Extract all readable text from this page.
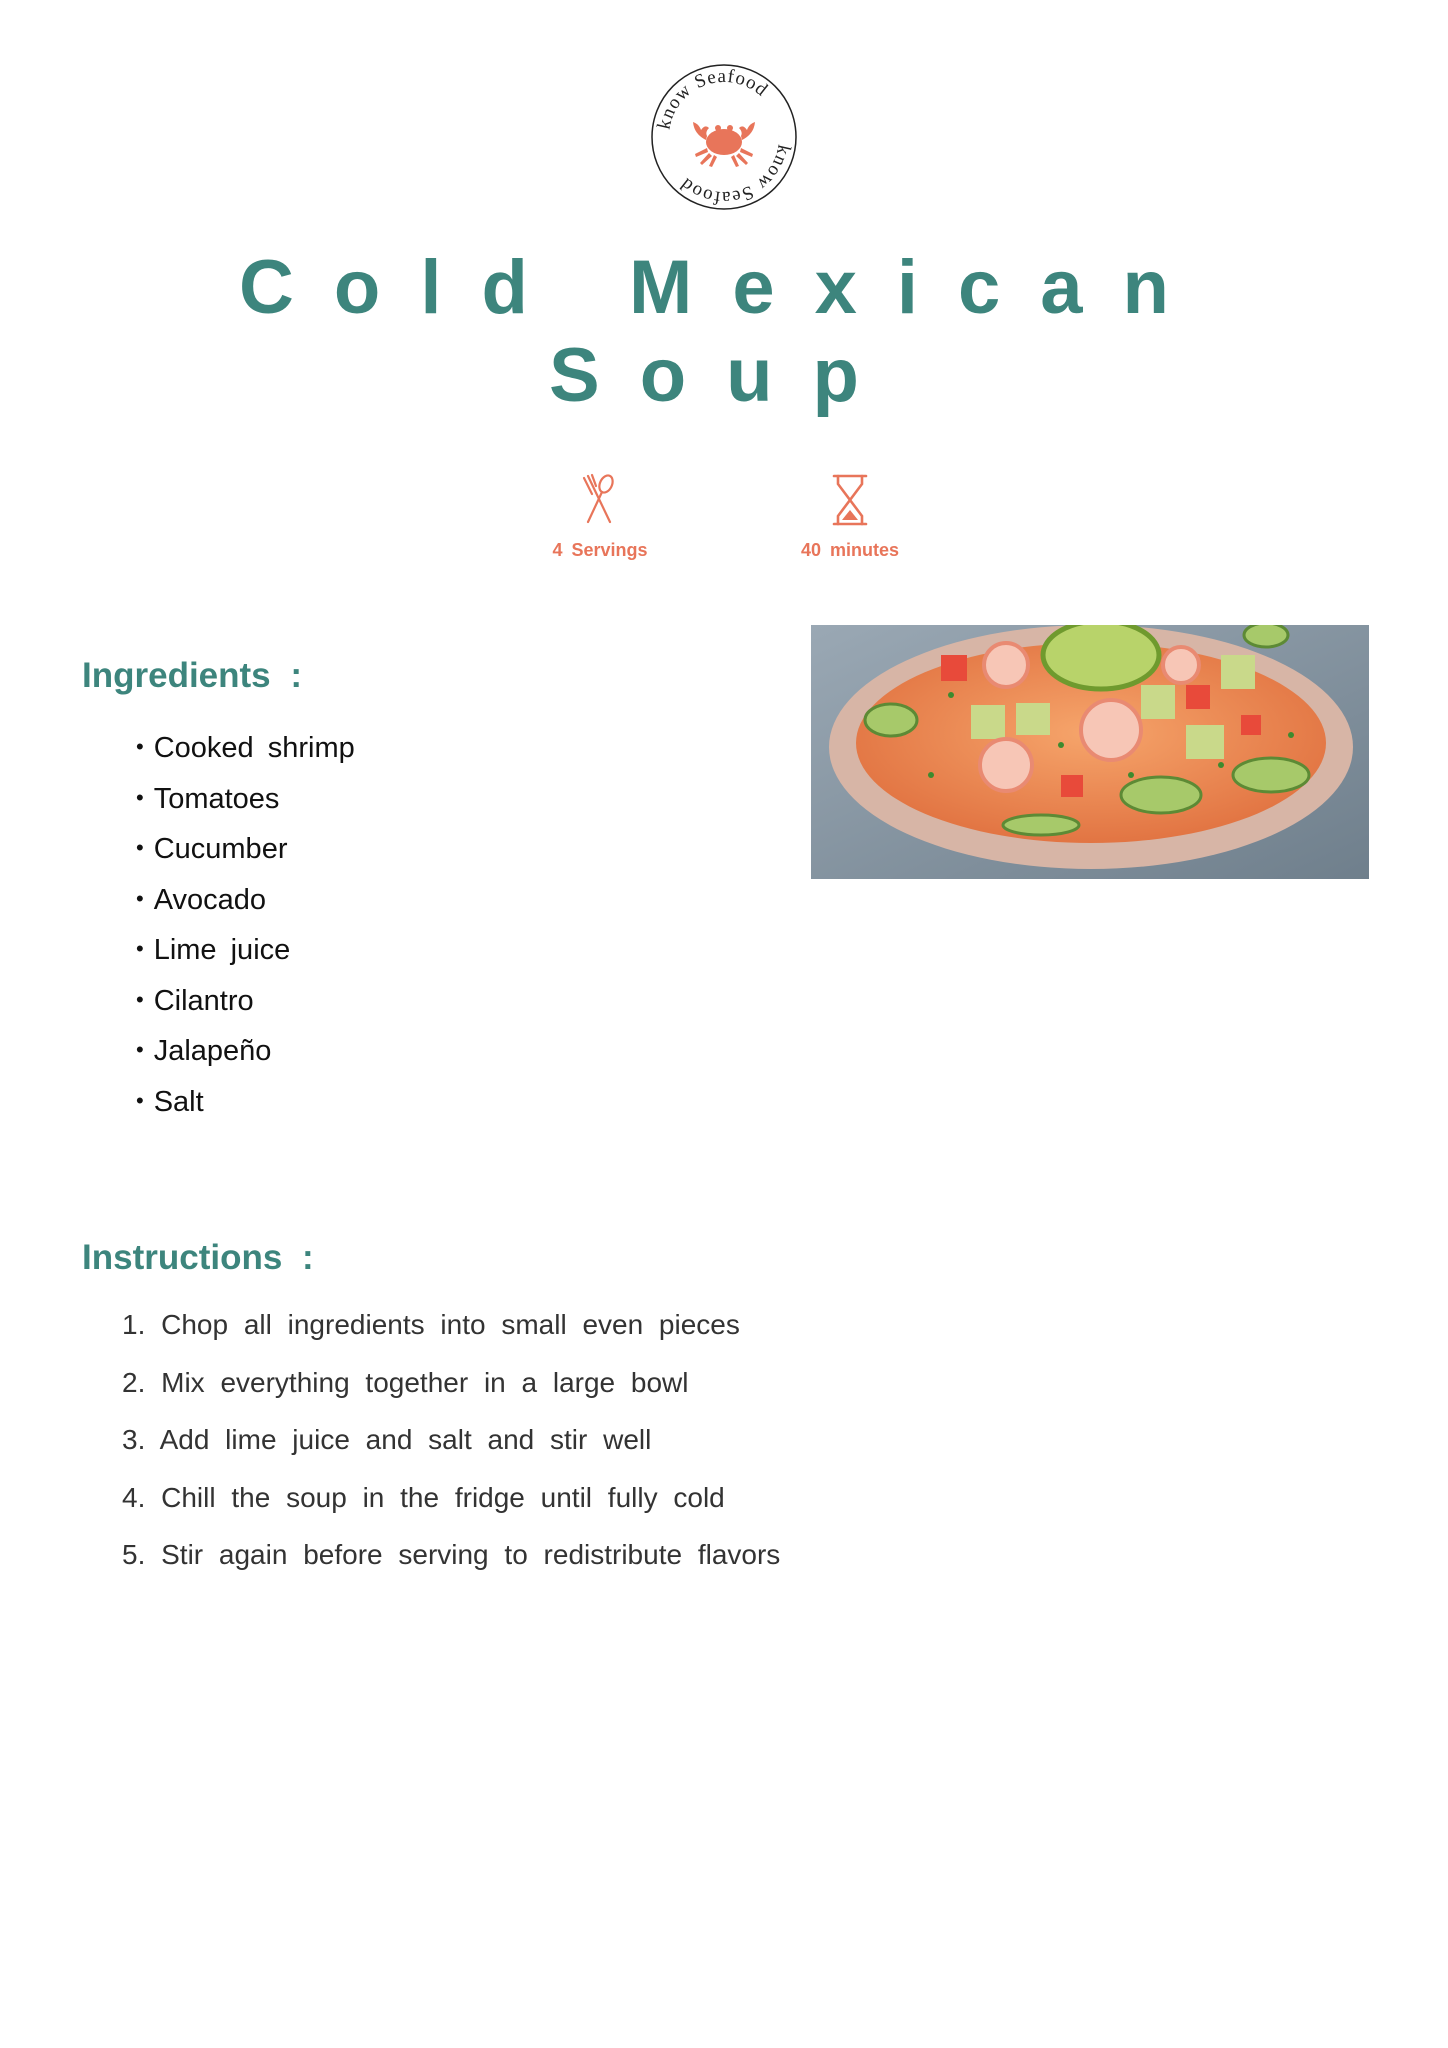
know Seafood
know Seafood
Cold Mexican
Soup
4 Servings	40 minutes
Ingredients :
• Cooked shrimp
• Tomatoes
• Cucumber
• Avocado
• Lime juice
• Cilantro
• Jalapeño
• Salt
Instructions :
1. Chop all ingredients into small even pieces
2. Mix everything together in a large bowl
3. Add lime juice and salt and stir well
4. Chill the soup in the fridge until fully cold
5. Stir again before serving to redistribute flavors
